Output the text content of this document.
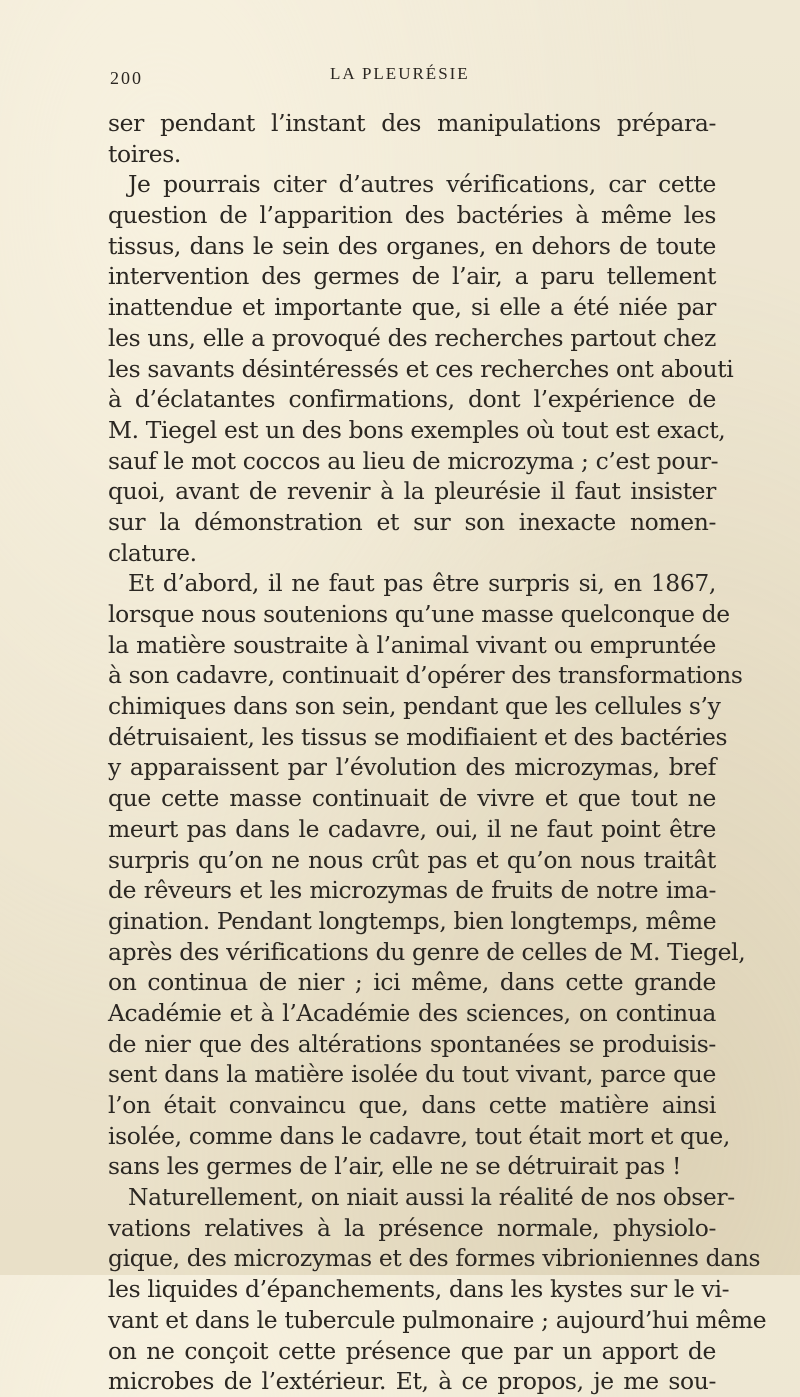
200	LA PLEURÉSIE
ser pendant l’instant des manipulations prépara-
toires.
Je pourrais citer d’autres vérifications, car cette
question de l’apparition des bactéries à même les
tissus, dans le sein des organes, en dehors de toute
intervention des germes de l’air, a paru tellement
inattendue et importante que, si elle a été niée par
les uns, elle a provoqué des recherches partout chez
les savants désintéressés et ces recherches ont abouti
à d’éclatantes confirmations, dont l’expérience de
M. Tiegel est un des bons exemples où tout est exact,
sauf le mot coccos au lieu de microzyma ; c’est pour-
quoi, avant de revenir à la pleurésie il faut insister
sur la démonstration et sur son inexacte nomen-
clature.
Et d’abord, il ne faut pas être surpris si, en 1867,
lorsque nous soutenions qu’une masse quelconque de
la matière soustraite à l’animal vivant ou empruntée
à son cadavre, continuait d’opérer des transformations
chimiques dans son sein, pendant que les cellules s’y
détruisaient, les tissus se modifiaient et des bactéries
y apparaissent par l’évolution des microzymas, bref
que cette masse continuait de vivre et que tout ne
meurt pas dans le cadavre, oui, il ne faut point être
surpris qu’on ne nous crût pas et qu’on nous traitât
de rêveurs et les microzymas de fruits de notre ima-
gination. Pendant longtemps, bien longtemps, même
après des vérifications du genre de celles de M. Tiegel,
on continua de nier ; ici même, dans cette grande
Académie et à l’Académie des sciences, on continua
de nier que des altérations spontanées se produisis-
sent dans la matière isolée du tout vivant, parce que
l’on était convaincu que, dans cette matière ainsi
isolée, comme dans le cadavre, tout était mort et que,
sans les germes de l’air, elle ne se détruirait pas !
Naturellement, on niait aussi la réalité de nos obser-
vations relatives à la présence normale, physiolo-
gique, des microzymas et des formes vibrioniennes dans
les liquides d’épanchements, dans les kystes sur le vi-
vant et dans le tubercule pulmonaire ; aujourd’hui même
on ne conçoit cette présence que par un apport de
microbes de l’extérieur. Et, à ce propos, je me sou-
